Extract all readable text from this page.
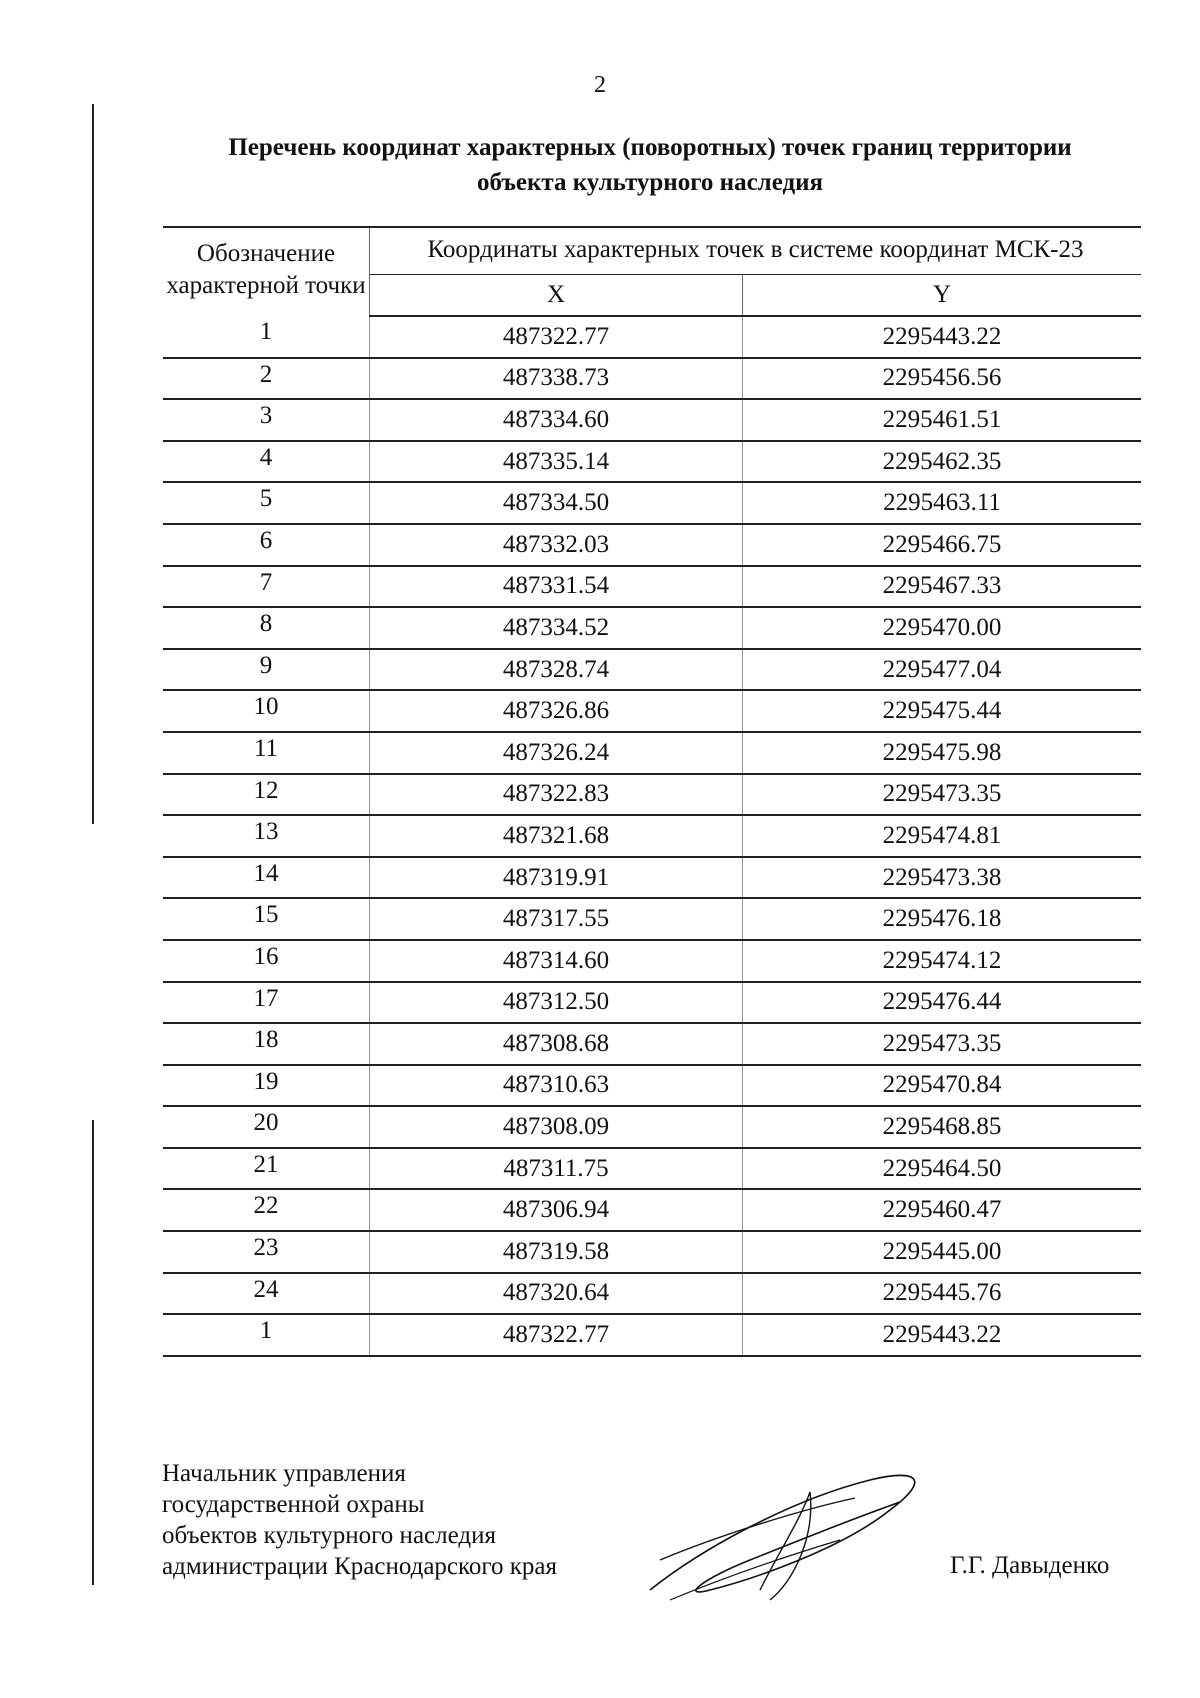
2
Перечень координат характерных (поворотных) точек границ территории
объекта культурного наследия
Обозначение характерной точки	Координаты характерных точек в системе координат МСК-23	
	X	Y
1	487322.77	2295443.22
2	487338.73	2295456.56
3	487334.60	2295461.51
4	487335.14	2295462.35
5	487334.50	2295463.11
6	487332.03	2295466.75
7	487331.54	2295467.33
8	487334.52	2295470.00
9	487328.74	2295477.04
10	487326.86	2295475.44
11	487326.24	2295475.98
12	487322.83	2295473.35
13	487321.68	2295474.81
14	487319.91	2295473.38
15	487317.55	2295476.18
16	487314.60	2295474.12
17	487312.50	2295476.44
18	487308.68	2295473.35
19	487310.63	2295470.84
20	487308.09	2295468.85
21	487311.75	2295464.50
22	487306.94	2295460.47
23	487319.58	2295445.00
24	487320.64	2295445.76
1	487322.77	2295443.22
Начальник управления
государственной охраны
объектов культурного наследия
администрации Краснодарского края	Г.Г. Давыденко
